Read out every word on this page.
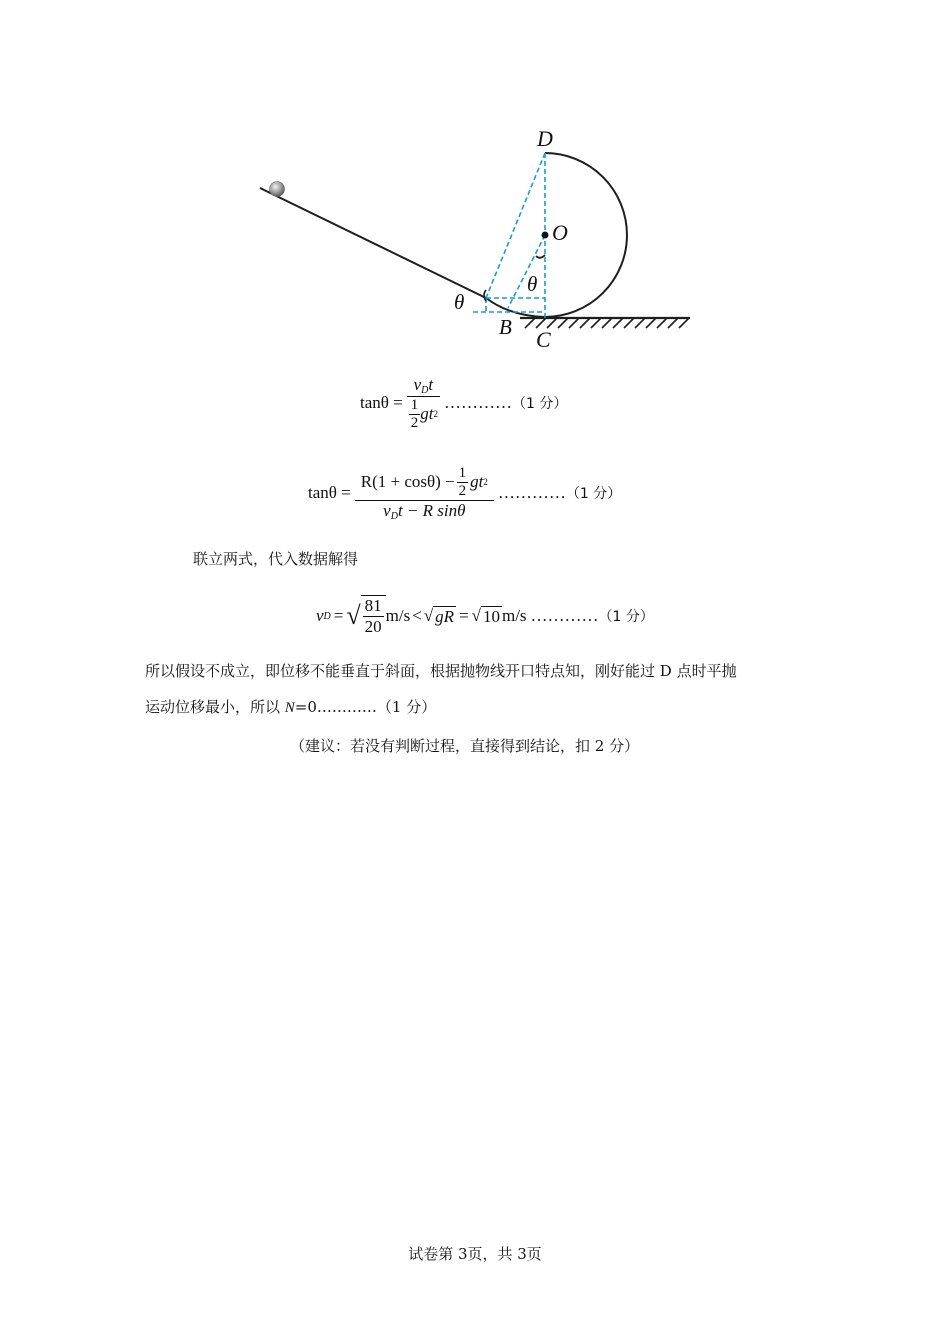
D
O
θ
θ
B C
$\tan\theta = \frac{v_Dt}{\frac{1}{2} gt 2}$ ………… （1 分）
$\tan\theta = \frac{R(1 + \cos\theta) - \frac{1}{2} gt 2}{v_Dt - R \sin\theta}$ ………… （1 分）
联立两式，代入数据解得
v D = √ $\frac{81}{20} m/s$ < √ gR = √ 10 m/s ………… （1 分）
所以假设不成立，即位移不能垂直于斜面，根据抛物线开口特点知，刚好能过 D 点时平抛
运动位移最小，所以 N=0…………（1 分）
（建议：若没有判断过程，直接得到结论，扣 2 分）
试卷第 3页，共 3页
